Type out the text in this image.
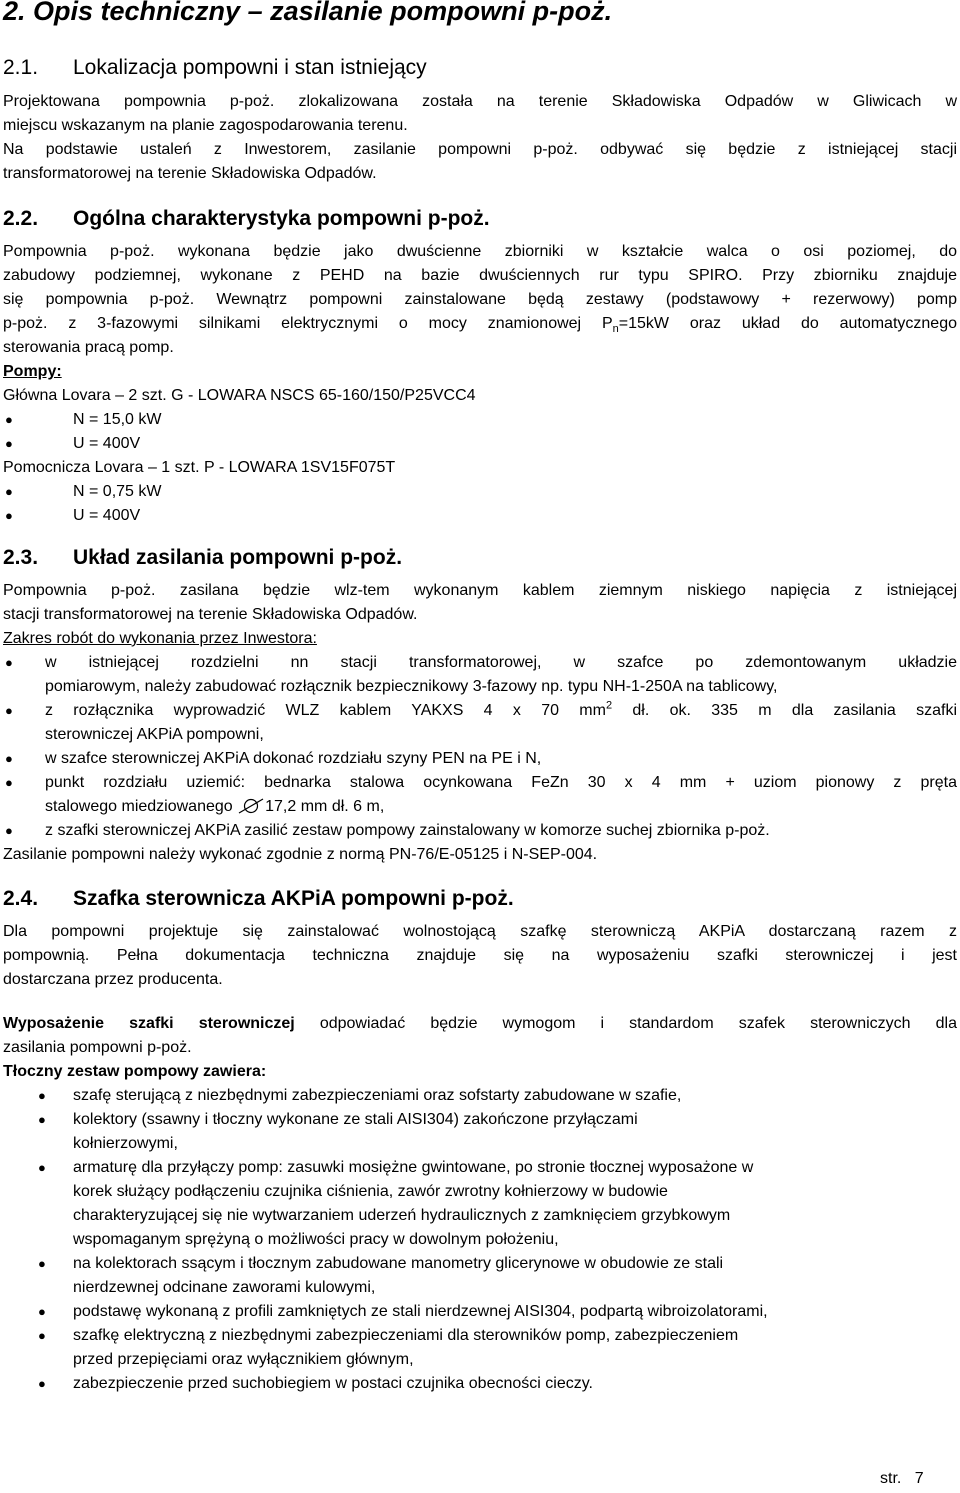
2. Opis techniczny – zasilanie pompowni p-poż.
2.1. Lokalizacja pompowni i stan istniejący
Projektowana pompownia p-poż. zlokalizowana została na terenie Składowiska Odpadów w Gliwicach w
miejscu wskazanym na planie zagospodarowania terenu.
Na podstawie ustaleń z Inwestorem, zasilanie pompowni p-poż. odbywać się będzie z istniejącej stacji
transformatorowej na terenie Składowiska Odpadów.
2.2. Ogólna charakterystyka pompowni p-poż.
Pompownia p-poż. wykonana będzie jako dwuścienne zbiorniki w kształcie walca o osi poziomej, do
zabudowy podziemnej, wykonane z PEHD na bazie dwuściennych rur typu SPIRO. Przy zbiorniku znajduje
się pompownia p-poż. Wewnątrz pompowni zainstalowane będą zestawy (podstawowy + rezerwowy) pomp
p-poż. z 3-fazowymi silnikami elektrycznymi o mocy znamionowej $P_n=15kW$ oraz układ do automatycznego
sterowania pracą pomp.
Pompy:
Główna Lovara – 2 szt. G - LOWARA NSCS 65-160/150/P25VCC4
●	N = 15,0 kW
●	U = 400V
Pomocnicza Lovara – 1 szt. P - LOWARA 1SV15F075T
●	N = 0,75 kW
●	U = 400V
2.3. Układ zasilania pompowni p-poż.
Pompownia p-poż. zasilana będzie wlz-tem wykonanym kablem ziemnym niskiego napięcia z istniejącej
stacji transformatorowej na terenie Składowiska Odpadów.
Zakres robót do wykonania przez Inwestora:
● w istniejącej rozdzielni nn stacji transformatorowej, w szafce po zdemontowanym układzie
pomiarowym, należy zabudować rozłącznik bezpiecznikowy 3-fazowy np. typu NH-1-250A na tablicowy,
● z rozłącznika wyprowadzić WLZ kablem YAKXS 4 x 70 $mm^2$ dł. ok. 335 m dla zasilania szafki
sterowniczej AKPiA pompowni,
● w szafce sterowniczej AKPiA dokonać rozdziału szyny PEN na PE i N,
● punkt rozdziału uziemić: bednarka stalowa ocynkowana FeZn 30 x 4 mm + uziom pionowy z pręta
stalowego miedziowanego 17,2 mm dł. 6 m,
● z szafki sterowniczej AKPiA zasilić zestaw pompowy zainstalowany w komorze suchej zbiornika p-poż.
Zasilanie pompowni należy wykonać zgodnie z normą PN-76/E-05125 i N-SEP-004.
2.4. Szafka sterownicza AKPiA pompowni p-poż.
Dla pompowni projektuje się zainstalować wolnostojącą szafkę sterowniczą AKPiA dostarczaną razem z
pompownią. Pełna dokumentacja techniczna znajduje się na wyposażeniu szafki sterowniczej i jest
dostarczana przez producenta.
Wyposażenie szafki sterowniczej odpowiadać będzie wymogom i standardom szafek sterowniczych dla
zasilania pompowni p-poż.
Tłoczny zestaw pompowy zawiera:
● szafę sterującą z niezbędnymi zabezpieczeniami oraz sofstarty zabudowane w szafie,
● kolektory (ssawny i tłoczny wykonane ze stali AISI304) zakończone przyłączami
kołnierzowymi,
● armaturę dla przyłączy pomp: zasuwki mosiężne gwintowane, po stronie tłocznej wyposażone w
korek służący podłączeniu czujnika ciśnienia, zawór zwrotny kołnierzowy w budowie
charakteryzującej się nie wytwarzaniem uderzeń hydraulicznych z zamknięciem grzybkowym
wspomaganym sprężyną o możliwości pracy w dowolnym położeniu,
● na kolektorach ssącym i tłocznym zabudowane manometry glicerynowe w obudowie ze stali
nierdzewnej odcinane zaworami kulowymi,
● podstawę wykonaną z profili zamkniętych ze stali nierdzewnej AISI304, podpartą wibroizolatorami,
● szafkę elektryczną z niezbędnymi zabezpieczeniami dla sterowników pomp, zabezpieczeniem
przed przepięciami oraz wyłącznikiem głównym,
● zabezpieczenie przed suchobiegiem w postaci czujnika obecności cieczy.
str. 7
